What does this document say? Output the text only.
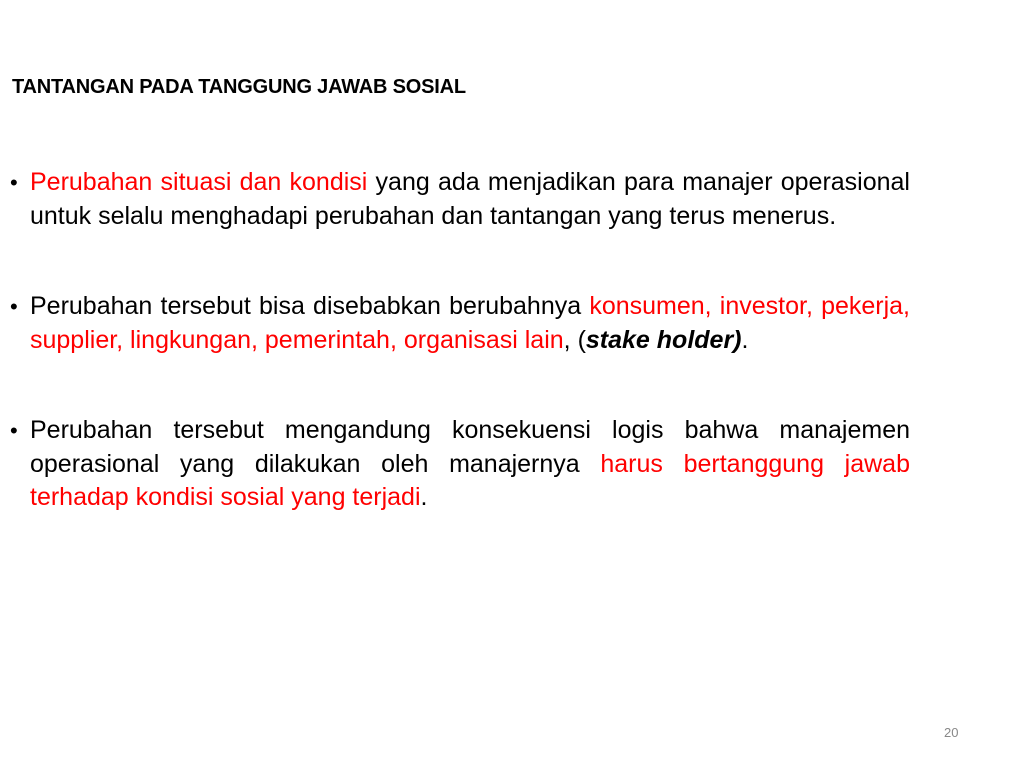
TANTANGAN PADA TANGGUNG JAWAB SOSIAL
• Perubahan situasi dan kondisi yang ada menjadikan para manajer operasional untuk selalu menghadapi perubahan dan tantangan yang terus menerus.
• Perubahan tersebut bisa disebabkan berubahnya konsumen, investor, pekerja, supplier, lingkungan, pemerintah, organisasi lain, (stake holder).
• Perubahan tersebut mengandung konsekuensi logis bahwa manajemen operasional yang dilakukan oleh manajernya harus bertanggung jawab terhadap kondisi sosial yang terjadi.
20
